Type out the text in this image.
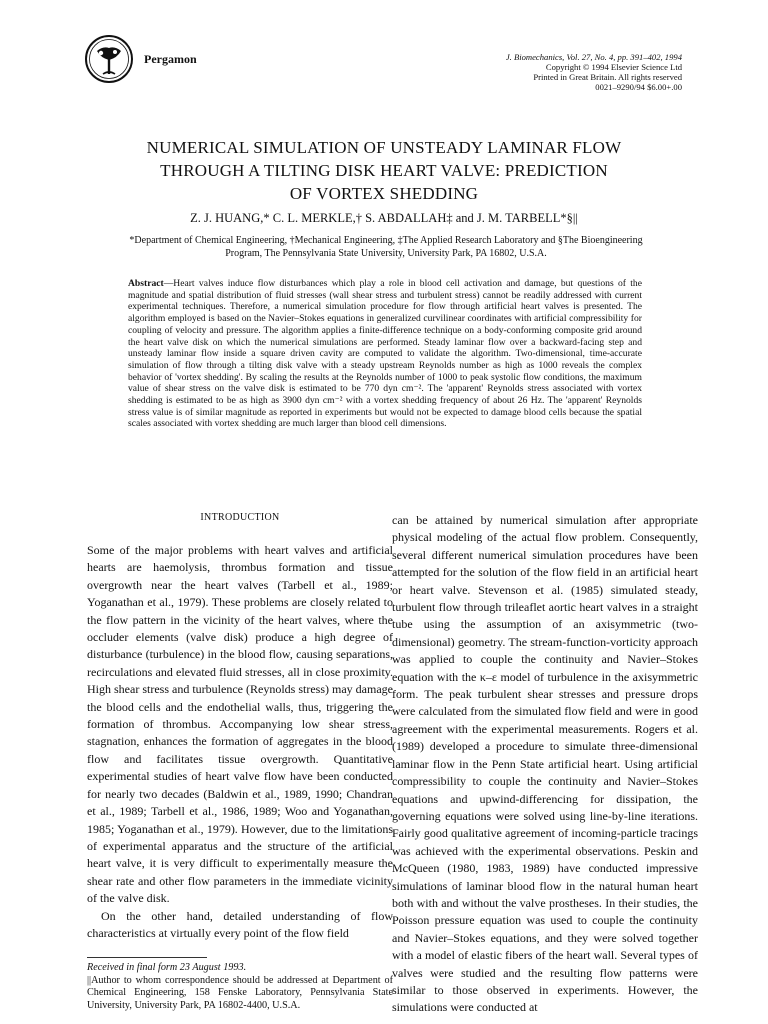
Pergamon	J. Biomechanics, Vol. 27, No. 4, pp. 391–402, 1994
Copyright © 1994 Elsevier Science Ltd
Printed in Great Britain. All rights reserved
0021–9290/94 $6.00+.00
NUMERICAL SIMULATION OF UNSTEADY LAMINAR FLOW
THROUGH A TILTING DISK HEART VALVE: PREDICTION
OF VORTEX SHEDDING
Z. J. HUANG,* C. L. MERKLE,† S. ABDALLAH‡ and J. M. TARBELL*§||
*Department of Chemical Engineering, †Mechanical Engineering, ‡The Applied Research Laboratory and §The Bioengineering Program, The Pennsylvania State University, University Park, PA 16802, U.S.A.
Abstract—Heart valves induce flow disturbances which play a role in blood cell activation and damage, but questions of the magnitude and spatial distribution of fluid stresses (wall shear stress and turbulent stress) cannot be readily addressed with current experimental techniques. Therefore, a numerical simulation procedure for flow through artificial heart valves is presented. The algorithm employed is based on the Navier–Stokes equations in generalized curvilinear coordinates with artificial compressibility for coupling of velocity and pressure. The algorithm applies a finite-difference technique on a body-conforming composite grid around the heart valve disk on which the numerical simulations are performed. Steady laminar flow over a backward-facing step and unsteady laminar flow inside a square driven cavity are computed to validate the algorithm. Two-dimensional, time-accurate simulation of flow through a tilting disk valve with a steady upstream Reynolds number as high as 1000 reveals the complex behavior of 'vortex shedding'. By scaling the results at the Reynolds number of 1000 to peak systolic flow conditions, the maximum value of shear stress on the valve disk is estimated to be 770 dyn cm⁻². The 'apparent' Reynolds stress associated with vortex shedding is estimated to be as high as 3900 dyn cm⁻² with a vortex shedding frequency of about 26 Hz. The 'apparent' Reynolds stress value is of similar magnitude as reported in experiments but would not be expected to damage blood cells because the spatial scales associated with vortex shedding are much larger than blood cell dimensions.
INTRODUCTION

Some of the major problems with heart valves and artificial hearts are haemolysis, thrombus formation and tissue overgrowth near the heart valves (Tarbell et al., 1989; Yoganathan et al., 1979). These problems are closely related to the flow pattern in the vicinity of the heart valves, where the occluder elements (valve disk) produce a high degree of disturbance (turbulence) in the blood flow, causing separations, recirculations and elevated fluid stresses, all in close proximity. High shear stress and turbulence (Reynolds stress) may damage the blood cells and the endothelial walls, thus, triggering the formation of thrombus. Accompanying low shear stress, stagnation, enhances the formation of aggregates in the blood flow and facilitates tissue overgrowth. Quantitative experimental studies of heart valve flow have been conducted for nearly two decades (Baldwin et al., 1989, 1990; Chandran et al., 1989; Tarbell et al., 1986, 1989; Woo and Yoganathan, 1985; Yoganathan et al., 1979). However, due to the limitations of experimental apparatus and the structure of the artificial heart valve, it is very difficult to experimentally measure the shear rate and other flow parameters in the immediate vicinity of the valve disk.

On the other hand, detailed understanding of flow characteristics at virtually every point of the flow field

can be attained by numerical simulation after appropriate physical modeling of the actual flow problem. Consequently, several different numerical simulation procedures have been attempted for the solution of the flow field in an artificial heart or heart valve. Stevenson et al. (1985) simulated steady, turbulent flow through trileaflet aortic heart valves in a straight tube using the assumption of an axisymmetric (two-dimensional) geometry. The stream-function-vorticity approach was applied to couple the continuity and Navier–Stokes equation with the κ–ε model of turbulence in the axisymmetric form. The peak turbulent shear stresses and pressure drops were calculated from the simulated flow field and were in good agreement with the experimental measurements. Rogers et al. (1989) developed a procedure to simulate three-dimensional laminar flow in the Penn State artificial heart. Using artificial compressibility to couple the continuity and Navier–Stokes equations and upwind-differencing for dissipation, the governing equations were solved using line-by-line iterations. Fairly good qualitative agreement of incoming-particle tracings was achieved with the experimental observations. Peskin and McQueen (1980, 1983, 1989) have conducted impressive simulations of laminar blood flow in the natural human heart both with and without the valve prostheses. In their studies, the Poisson pressure equation was used to couple the continuity and Navier–Stokes equations, and they were solved together with a model of elastic fibers of the heart wall. Several types of valves were studied and the resulting flow patterns were similar to those observed in experiments. However, the simulations were conducted at

Received in final form 23 August 1993.

||Author to whom correspondence should be addressed at Department of Chemical Engineering, 158 Fenske Laboratory, Pennsylvania State University, University Park, PA 16802-4400, U.S.A.
